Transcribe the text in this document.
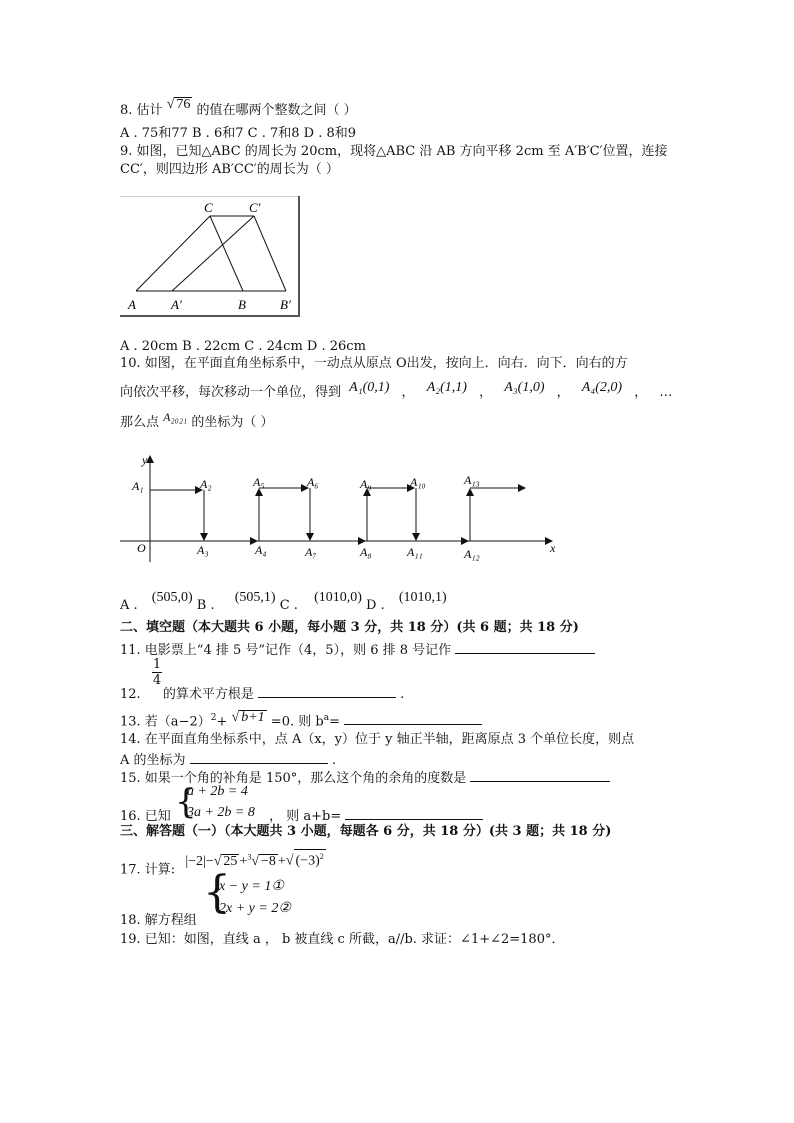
8. 估计 √ 76 的值在哪两个整数之间（ ）
A . 75和77 B . 6和7 C . 7和8 D . 8和9
9. 如图，已知△ABC 的周长为 20cm，现将△ABC 沿 AB 方向平移 2cm 至 A′B′C′位置，连接
CC′，则四边形 AB′CC′的周长为（ ）
C	C′
A	A′	B	B′
A . 20cm B . 22cm C . 24cm D . 26cm
10. 如图，在平面直角坐标系中，一动点从原点 O出发，按向上．向右．向下．向右的方
向依次平移，每次移动一个单位，得到 A₁(0,1) ， A₂(1,1) ， A₃(1,0) ， A₄(2,0) ， …
那么点 A₂₀₂₁ 的坐标为（ ）
y
x
O
A₁	A₂
A₃	A₄
A₅	A₆
A₇	A₈
A₉	A₁₀
A₁₁	A₁₂
A₁₃
A . (505,0) B . (505,1) C . (1010,0) D . (1010,1)
二、填空题（本大题共 6 小题，每小题 3 分，共 18 分）(共 6 题；共 18 分)
11. 电影票上“4 排 5 号”记作（4，5），则 6 排 8 号记作
12.
$\frac{1}{4}$
的算术平方根是	.
13. 若$(a-2)^2+$ √ b+1 =0. 则 $b^a=$
14. 在平面直角坐标系中，点 A（x，y）位于 y 轴正半轴，距离原点 3 个单位长度，则点
A 的坐标为	.
15. 如果一个角的补角是 150°，那么这个角的余角的度数是
16. 已知 {
a + 2b = 4
3a + 2b = 8 ， 则 a+b=
三、解答题（一）（本大题共 3 小题，每题各 6 分，共 18 分）(共 3 题；共 18 分)
17. 计算: |−2|−√ 25 +$^3$√ −8 +√ $(-3)^2$
{
x − y = 1①
2x + y = 2②
18. 解方程组
19. 已知：如图，直线 a ， b 被直线 c 所截，a//b. 求证：∠1+∠2=180°．
